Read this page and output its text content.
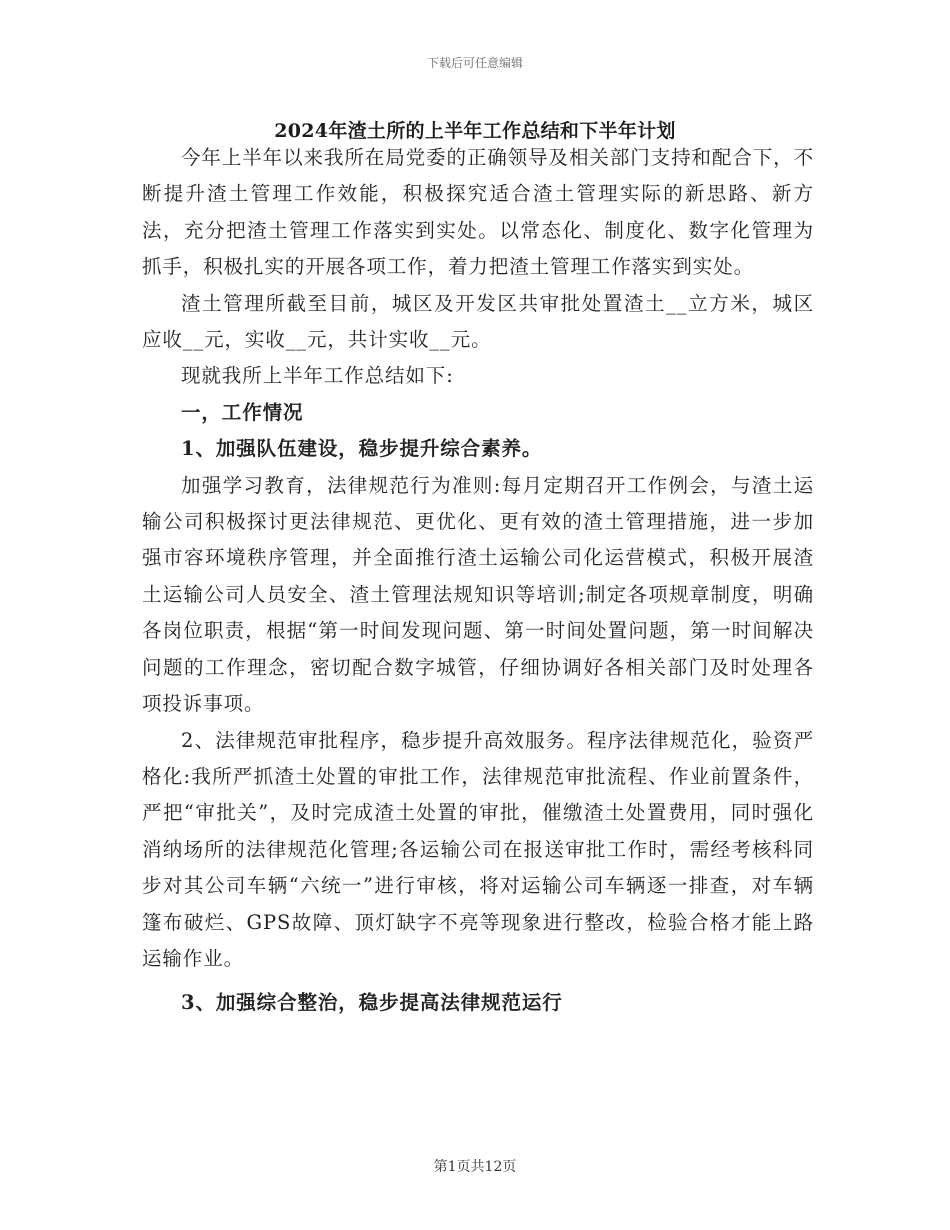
下载后可任意编辑
2024年渣土所的上半年工作总结和下半年计划

今年上半年以来我所在局党委的正确领导及相关部门支持和配合下，不断提升渣土管理工作效能，积极探究适合渣土管理实际的新思路、新方法，充分把渣土管理工作落实到实处。以常态化、制度化、数字化管理为抓手，积极扎实的开展各项工作，着力把渣土管理工作落实到实处。

渣土管理所截至目前，城区及开发区共审批处置渣土__立方米，城区应收__元，实收__元，共计实收__元。

现就我所上半年工作总结如下:

一，工作情况

1、加强队伍建设，稳步提升综合素养。

加强学习教育，法律规范行为准则:每月定期召开工作例会，与渣土运输公司积极探讨更法律规范、更优化、更有效的渣土管理措施，进一步加强市容环境秩序管理，并全面推行渣土运输公司化运营模式，积极开展渣土运输公司人员安全、渣土管理法规知识等培训;制定各项规章制度，明确各岗位职责，根据“第一时间发现问题、第一时间处置问题，第一时间解决问题的工作理念，密切配合数字城管，仔细协调好各相关部门及时处理各项投诉事项。

2、法律规范审批程序，稳步提升高效服务。程序法律规范化，验资严格化:我所严抓渣土处置的审批工作，法律规范审批流程、作业前置条件，严把“审批关”，及时完成渣土处置的审批，催缴渣土处置费用，同时强化消纳场所的法律规范化管理;各运输公司在报送审批工作时，需经考核科同步对其公司车辆“六统一”进行审核，将对运输公司车辆逐一排查，对车辆篷布破烂、GPS故障、顶灯缺字不亮等现象进行整改，检验合格才能上路运输作业。

3、加强综合整治，稳步提高法律规范运行

第1页共12页
